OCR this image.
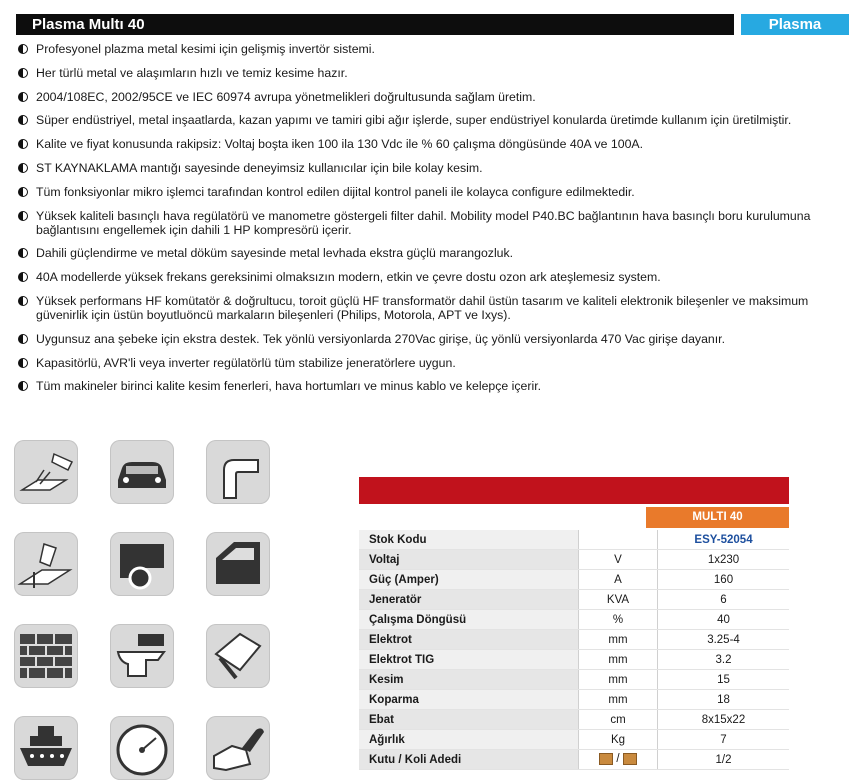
Plasma Multı 40	Plasma
Profesyonel plazma metal kesimi için gelişmiş invertör sistemi.
Her türlü metal ve alaşımların hızlı ve temiz kesime hazır.
2004/108EC, 2002/95CE ve IEC 60974 avrupa yönetmelikleri doğrultusunda sağlam üretim.
Süper endüstriyel, metal inşaatlarda, kazan yapımı ve tamiri gibi ağır işlerde, super endüstriyel konularda üretimde kullanım için üretilmiştir.
Kalite ve fiyat konusunda rakipsiz: Voltaj boşta iken 100 ila 130 Vdc ile % 60 çalışma döngüsünde 40A ve 100A.
ST KAYNAKLAMA mantığı sayesinde deneyimsiz kullanıcılar için bile kolay kesim.
Tüm fonksiyonlar mikro işlemci tarafından kontrol edilen dijital kontrol paneli ile kolayca configure edilmektedir.
Yüksek kaliteli basınçlı hava regülatörü ve manometre göstergeli filter dahil. Mobility model P40.BC bağlantının hava basınçlı boru kurulumuna bağlantısını engellemek için dahili 1 HP kompresörü içerir.
Dahili güçlendirme ve metal döküm sayesinde metal levhada ekstra güçlü marangozluk.
40A modellerde yüksek frekans gereksinimi olmaksızın modern, etkin ve çevre dostu ozon ark ateşlemesiz system.
Yüksek performans HF komütatör & doğrultucu, toroit güçlü HF transformatör dahil üstün tasarım ve kaliteli elektronik bileşenler ve maksimum güvenirlik için üstün boyutluöncü markaların bileşenleri (Philips, Motorola, APT ve Ixys).
Uygunsuz ana şebeke için ekstra destek. Tek yönlü versiyonlarda 270Vac girişe, üç yönlü versiyonlarda 470 Vac girişe dayanır.
Kapasitörlü, AVR'li veya inverter regülatörlü tüm stabilize jeneratörlere uygun.
Tüm makineler birinci kalite kesim fenerleri, hava hortumları ve minus kablo ve kelepçe içerir.
MULTI 40
Stok Kodu		ESY-52054
Voltaj	V	1x230
Güç (Amper)	A	160
Jeneratör	KVA	6
Çalışma Döngüsü	%	40
Elektrot	mm	3.25-4
Elektrot TIG	mm	3.2
Kesim	mm	15
Koparma	mm	18
Ebat	cm	8x15x22
Ağırlık	Kg	7
Kutu / Koli Adedi	/	1/2
